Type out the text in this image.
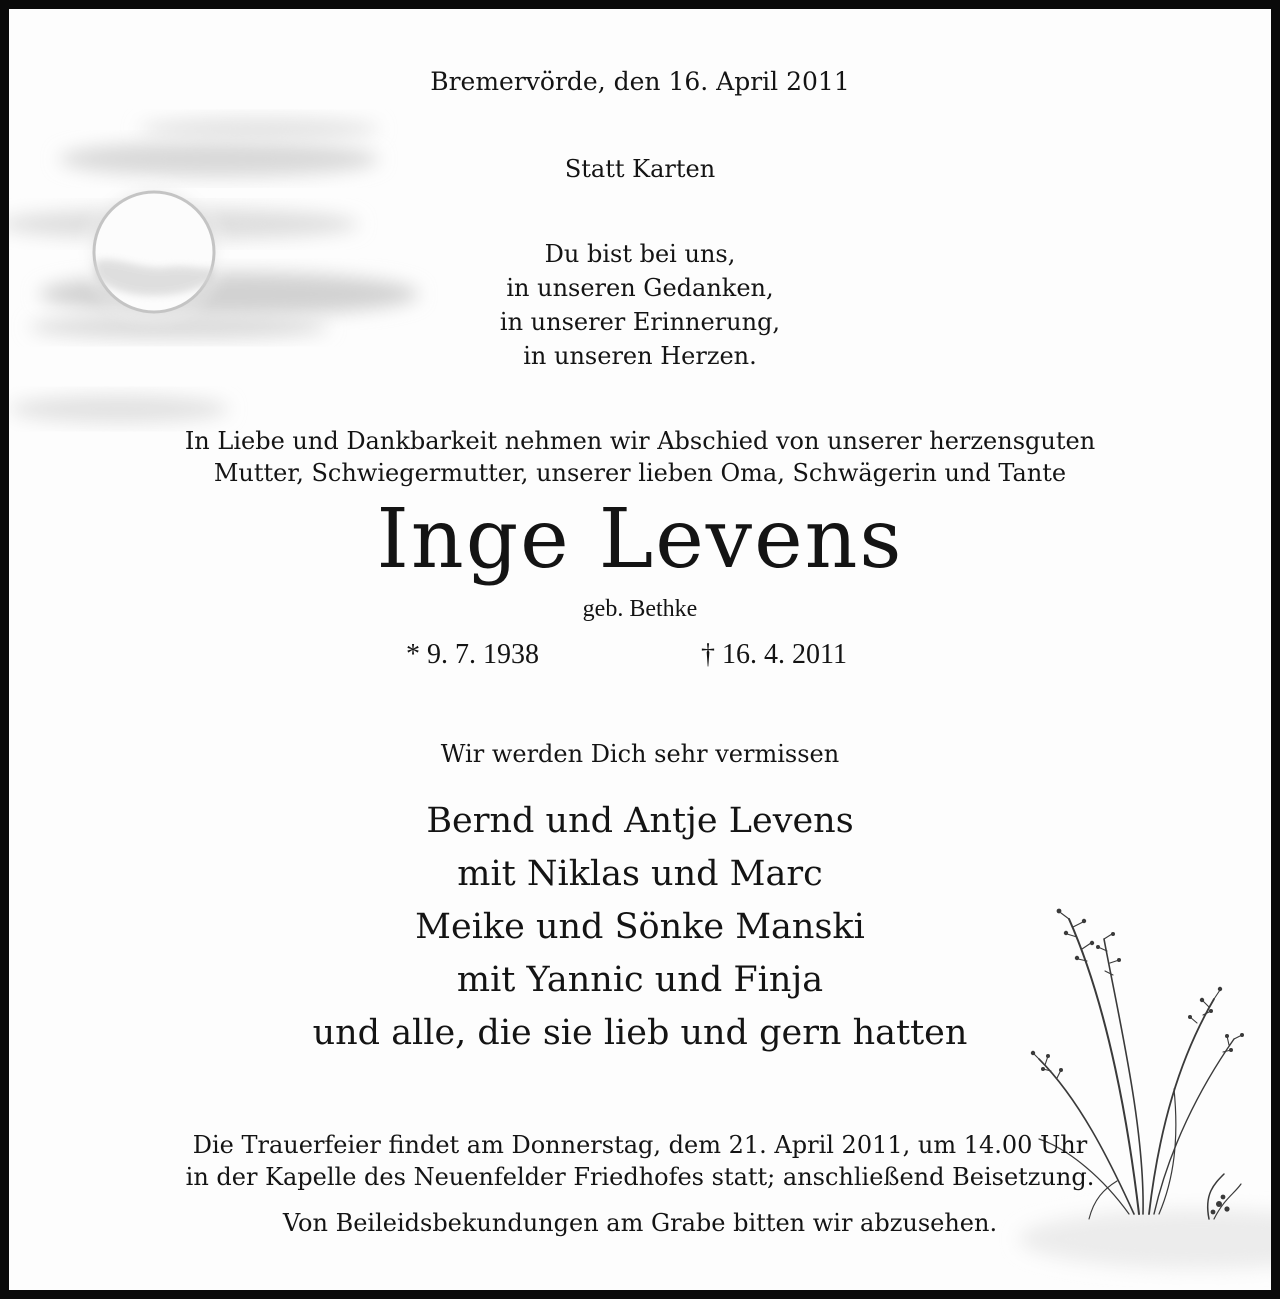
Bremervörde, den 16. April 2011

Statt Karten

Du bist bei uns,
in unseren Gedanken,
in unserer Erinnerung,
in unseren Herzen.
In Liebe und Dankbarkeit nehmen wir Abschied von unserer herzensguten
Mutter, Schwiegermutter, unserer lieben Oma, Schwägerin und Tante
Inge Levens

geb. Bethke

* 9. 7. 1938	† 16. 4. 2011

Wir werden Dich sehr vermissen

Bernd und Antje Levens
mit Niklas und Marc
Meike und Sönke Manski
mit Yannic und Finja
und alle, die sie lieb und gern hatten
Die Trauerfeier findet am Donnerstag, dem 21. April 2011, um 14.00 Uhr
in der Kapelle des Neuenfelder Friedhofes statt; anschließend Beisetzung.

Von Beileidsbekundungen am Grabe bitten wir abzusehen.
